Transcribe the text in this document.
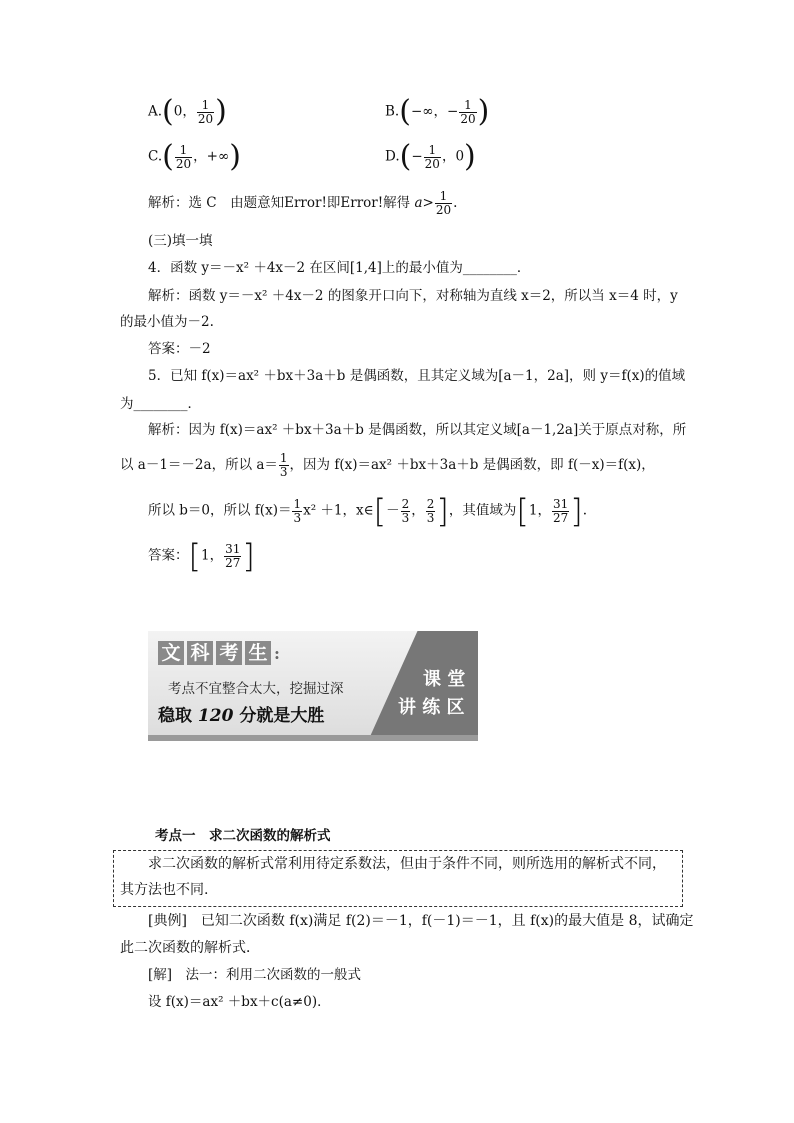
A.(0， $\frac{1}{20}$ )	B.(−∞，− $\frac{1}{20}$ )
$C.( \frac{1}{20}$ ，+∞)	$D.(- \frac{1}{20}$ ，0)
解析：选 C　由题意知Error!即Error!解得 $a> \frac{1}{20}$ .
(三)填一填
4．函数 y＝－x² ＋4x－2 在区间[1,4]上的最小值为________．
解析：函数 y＝－x² ＋4x－2 的图象开口向下，对称轴为直线 x＝2，所以当 x＝4 时，y
的最小值为－2.
答案：－2
5．已知 f(x)＝ax² ＋bx＋3a＋b 是偶函数，且其定义域为[a－1，2a]，则 y＝f(x)的值域
为________．
解析：因为 f(x)＝ax² ＋bx＋3a＋b 是偶函数，所以其定义域[a－1,2a]关于原点对称，所
以 a－1＝－2a，所以 $a= \frac{1}{3}$ ，因为 f(x)＝ax² ＋bx＋3a＋b 是偶函数，即 f(－x)＝f(x)，
所以 b＝0，所以 $f(x)= \frac{1}{3} x^2 +1$，x∈[－ $\frac{2}{3}$ ， $\frac{2}{3}$ ]，其值域为[1， $\frac{31}{27}$ ].
答案：[1， $\frac{31}{27}$ ]
文 科 考 生 :
考点不宜整合太大，挖掘过深
稳取 120 分就是大胜
课 堂
讲 练 区
考点一　求二次函数的解析式
求二次函数的解析式常利用待定系数法，但由于条件不同，则所选用的解析式不同，
其方法也不同.
[典例]　已知二次函数 f(x)满足 f(2)＝－1，f(－1)＝－1，且 f(x)的最大值是 8，试确定
此二次函数的解析式．
[解]　法一：利用二次函数的一般式
设 f(x)＝ax² ＋bx＋c(a≠0)．
